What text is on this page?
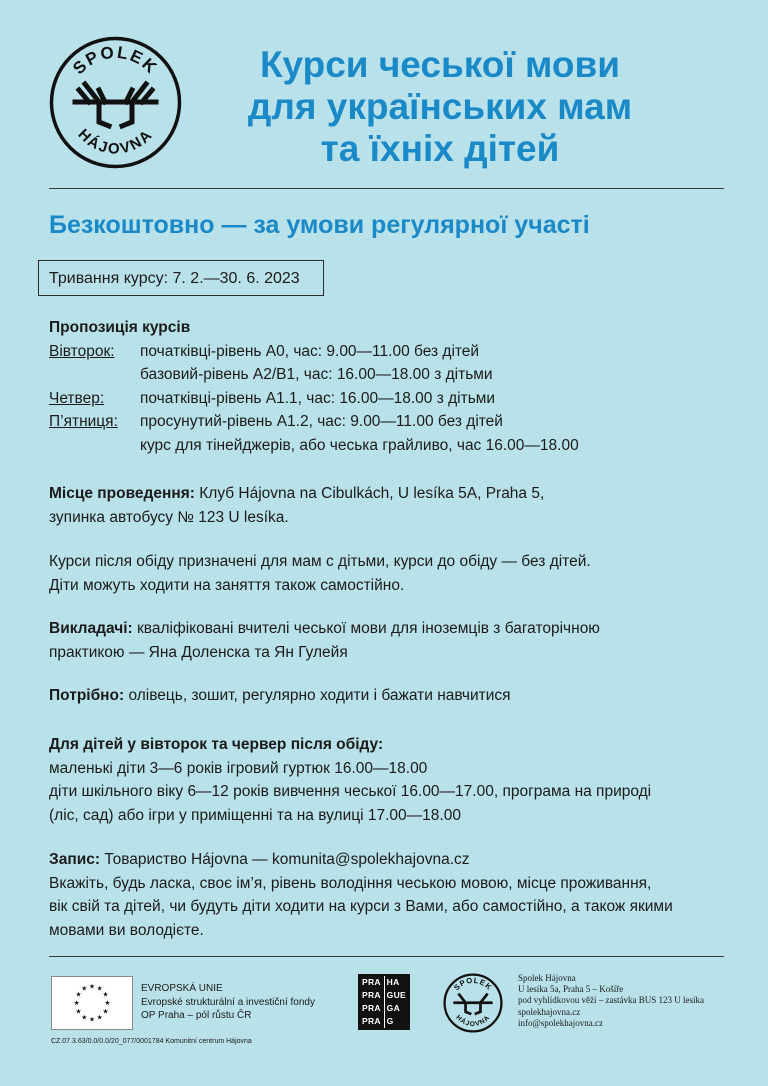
SPOLEK
HÁJOVNA
Курси чеської мови
для українських мам
та їхніх дітей
Безкоштовно — за умови регулярної участі
Тривання курсу: 7. 2.—30. 6. 2023
Пропозиція курсів
Вівторок:	початківці-рівень A0, час: 9.00—11.00 без дітей
базовий-рівень A2/B1, час: 16.00—18.00 з дітьми
Четвер:	початківці-рівень A1.1, час: 16.00—18.00 з дітьми
П’ятниця:	просунутий-рівень A1.2, час: 9.00—11.00 без дітей
курс для тінейджерів, або чеська грайливо, час 16.00—18.00

Місце проведення: Клуб Hájovna na Cibulkách, U lesíka 5A, Praha 5,

зупинка автобусу № 123 U lesíka.

Курси після обіду призначені для мам с дітьми, курси до обіду — без дітей.

Діти можуть ходити на заняття також самостійно.

Викладачі: кваліфіковані вчителі чеської мови для іноземців з багаторічною

практикою — Яна Доленска та Ян Гулейя

Потрібно: олівець, зошит, регулярно ходити і бажати навчитися

Для дітей у вівторок та червер після обіду:

маленькі діти 3—6 років ігровий гуртюк 16.00—18.00

діти шкільного віку 6—12 років вивчення чеської 16.00—17.00, програма на природі

(ліс, сад) або ігри у приміщенні та на вулиці 17.00—18.00

Запис: Товариство Hájovna — komunita@spolekhajovna.cz

Вкажіть, будь ласка, своє ім’я, рівень володіння чеською мовою, місце проживання,

вік свій та дітей, чи будуть діти ходити на курси з Вами, або самостійно, а також якими

мовами ви володієте.

★ ★
★
★
★
★
★
★
★
★
★
★	EVROPSKÁ UNIE
Evropské strukturální a investiční fondy
OP Praha – pól růstu ČR
CZ.07.3.63/0.0/0.0/20_077/0001784 Komunitní centrum Hájovna
PRA
PRA
PRA
PRA
HA
GUE
GA
G
SPOLEK
HÁJOVNA
Spolek Hájovna
U lesíka 5a, Praha 5 – Košíře
pod vyhlídkovou věží – zastávka BUS 123 U lesíka
spolekhajovna.cz
info@spolekhajovna.cz
